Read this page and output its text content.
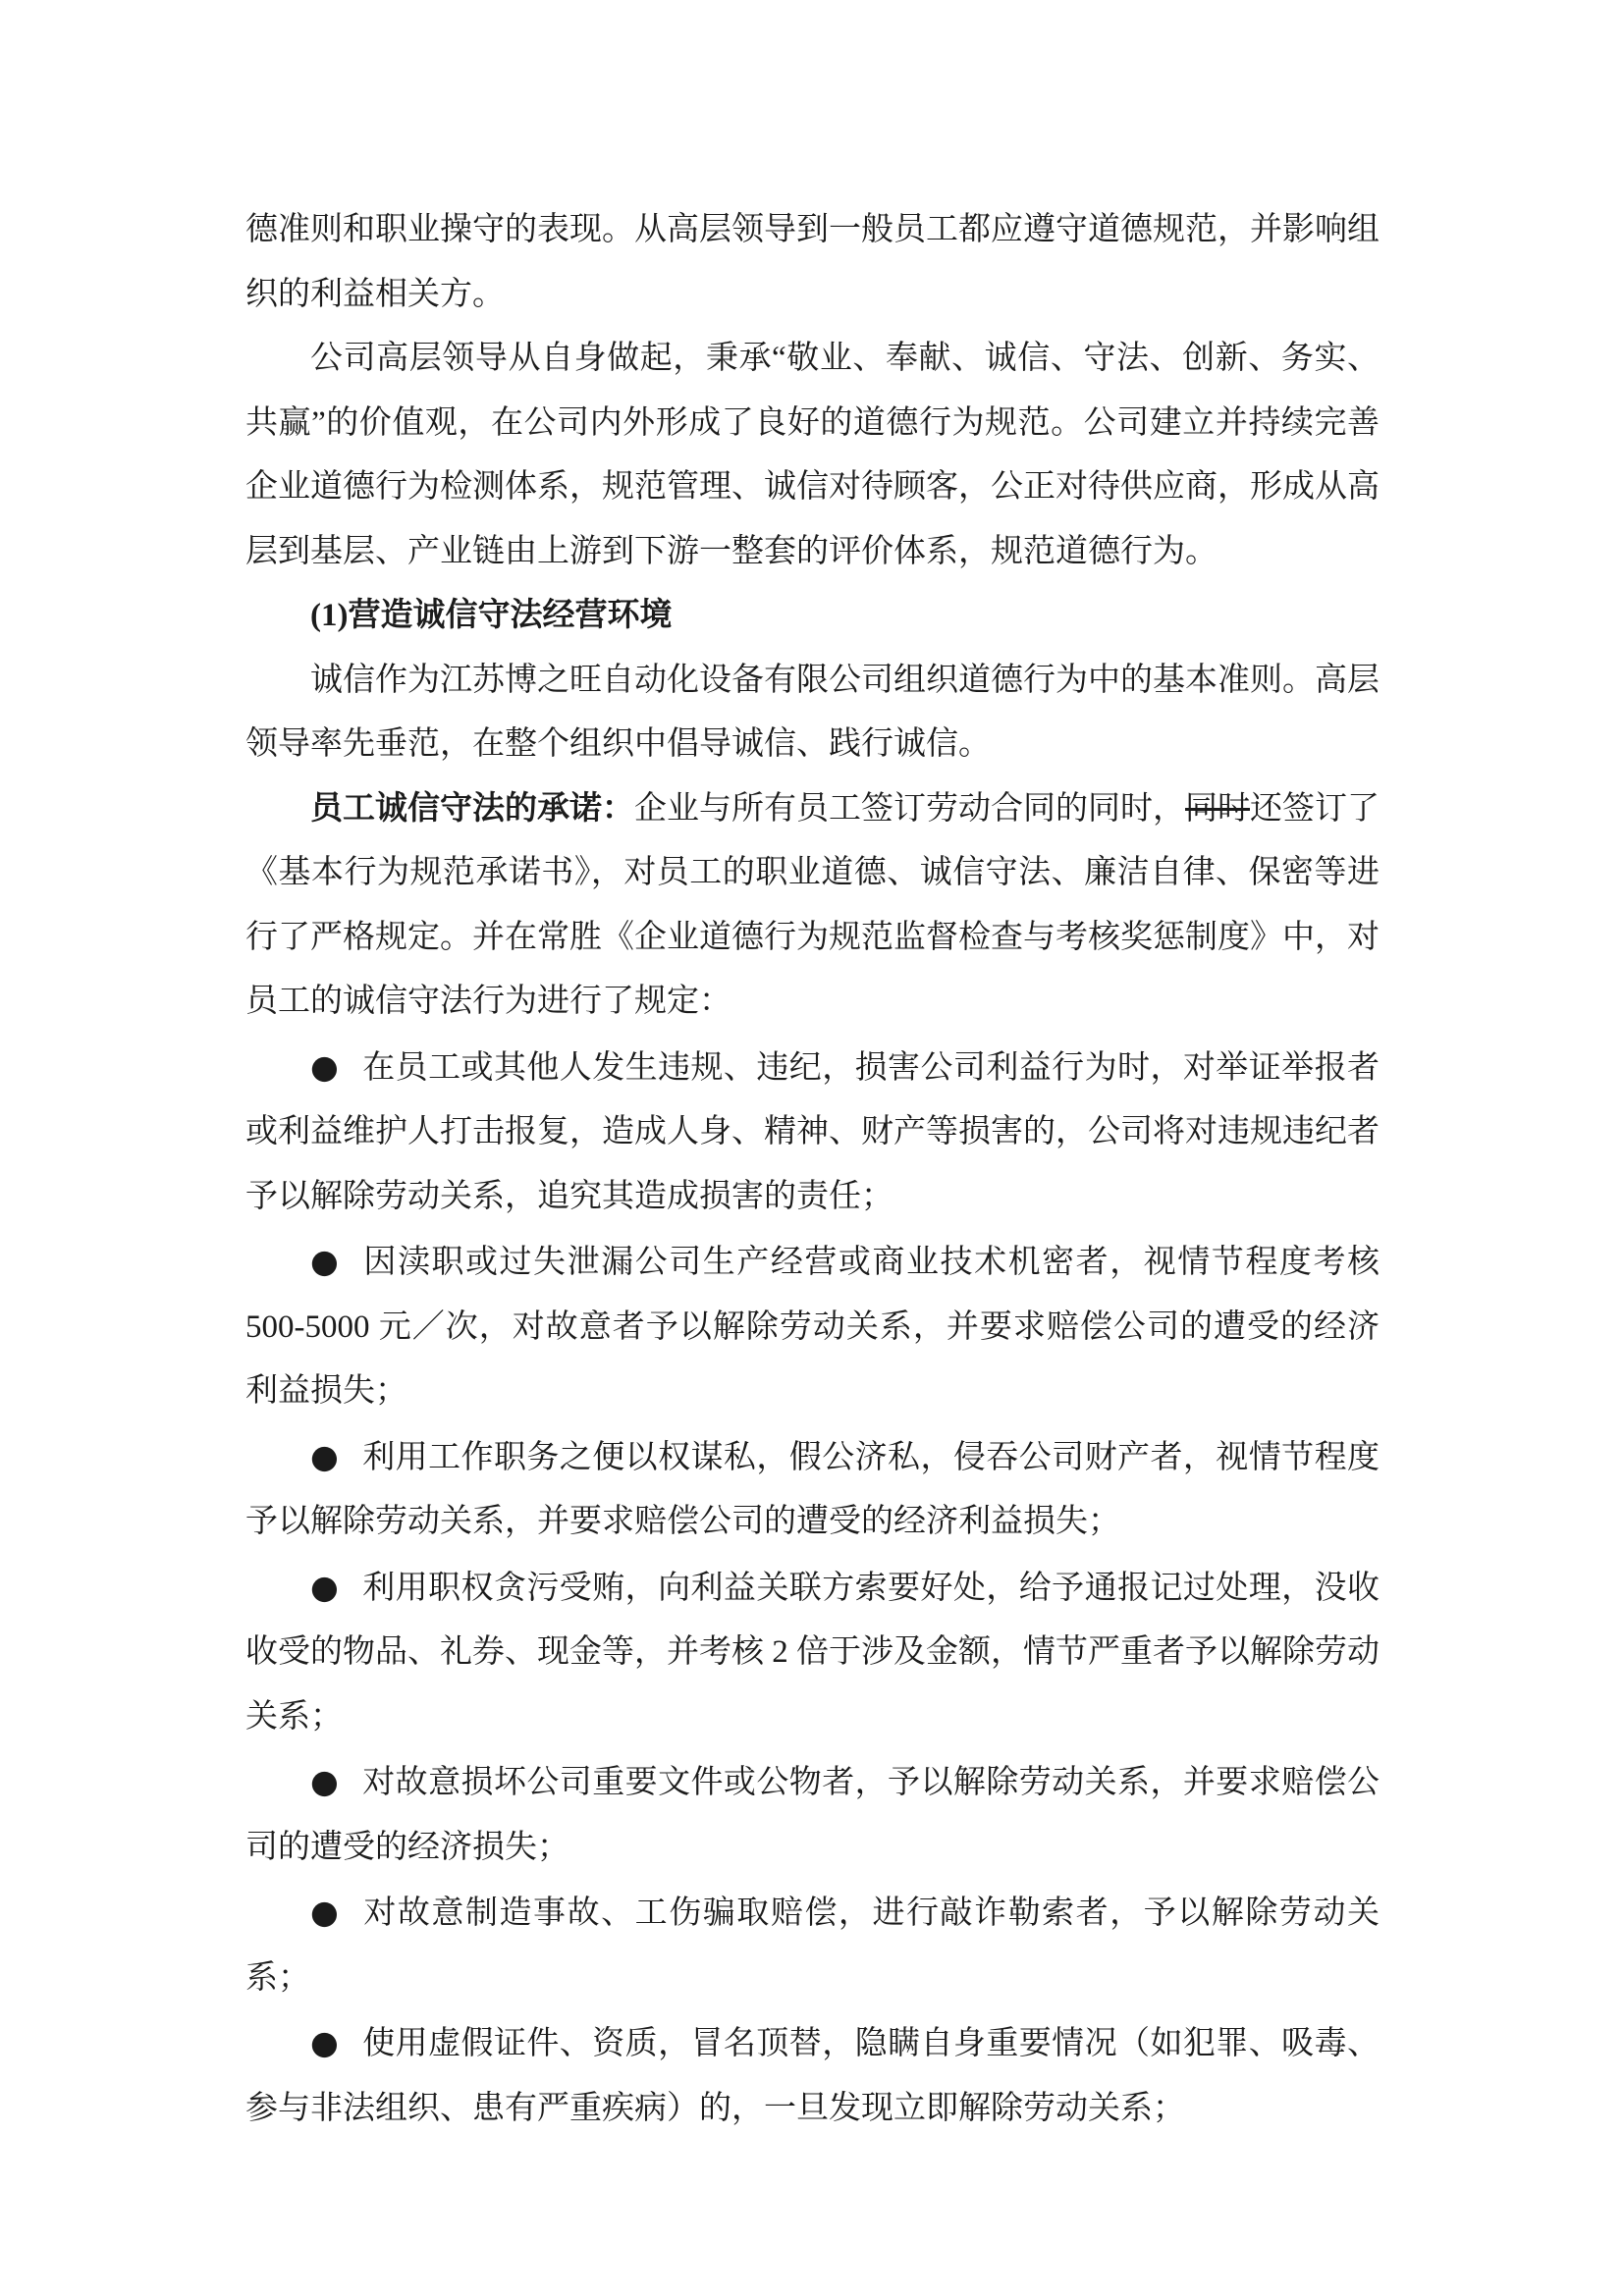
德准则和职业操守的表现。从高层领导到一般员工都应遵守道德规范，并影响组织的利益相关方。

公司高层领导从自身做起，秉承“敬业、奉献、诚信、守法、创新、务实、共赢”的价值观，在公司内外形成了良好的道德行为规范。公司建立并持续完善企业道德行为检测体系，规范管理、诚信对待顾客，公正对待供应商，形成从高层到基层、产业链由上游到下游一整套的评价体系，规范道德行为。

(1)营造诚信守法经营环境

诚信作为江苏博之旺自动化设备有限公司组织道德行为中的基本准则。高层领导率先垂范，在整个组织中倡导诚信、践行诚信。

员工诚信守法的承诺：企业与所有员工签订劳动合同的同时，同时还签订了《基本行为规范承诺书》，对员工的职业道德、诚信守法、廉洁自律、保密等进行了严格规定。并在常胜《企业道德行为规范监督检查与考核奖惩制度》中，对员工的诚信守法行为进行了规定：

● 在员工或其他人发生违规、违纪，损害公司利益行为时，对举证举报者或利益维护人打击报复，造成人身、精神、财产等损害的，公司将对违规违纪者予以解除劳动关系，追究其造成损害的责任；

● 因渎职或过失泄漏公司生产经营或商业技术机密者，视情节程度考核 500-5000 元／次，对故意者予以解除劳动关系，并要求赔偿公司的遭受的经济利益损失；

● 利用工作职务之便以权谋私，假公济私，侵吞公司财产者，视情节程度予以解除劳动关系，并要求赔偿公司的遭受的经济利益损失；

● 利用职权贪污受贿，向利益关联方索要好处，给予通报记过处理，没收收受的物品、礼券、现金等，并考核 2 倍于涉及金额，情节严重者予以解除劳动关系；

● 对故意损坏公司重要文件或公物者，予以解除劳动关系，并要求赔偿公司的遭受的经济损失；

● 对故意制造事故、工伤骗取赔偿，进行敲诈勒索者，予以解除劳动关系；

● 使用虚假证件、资质，冒名顶替，隐瞒自身重要情况（如犯罪、吸毒、参与非法组织、患有严重疾病）的，一旦发现立即解除劳动关系；
